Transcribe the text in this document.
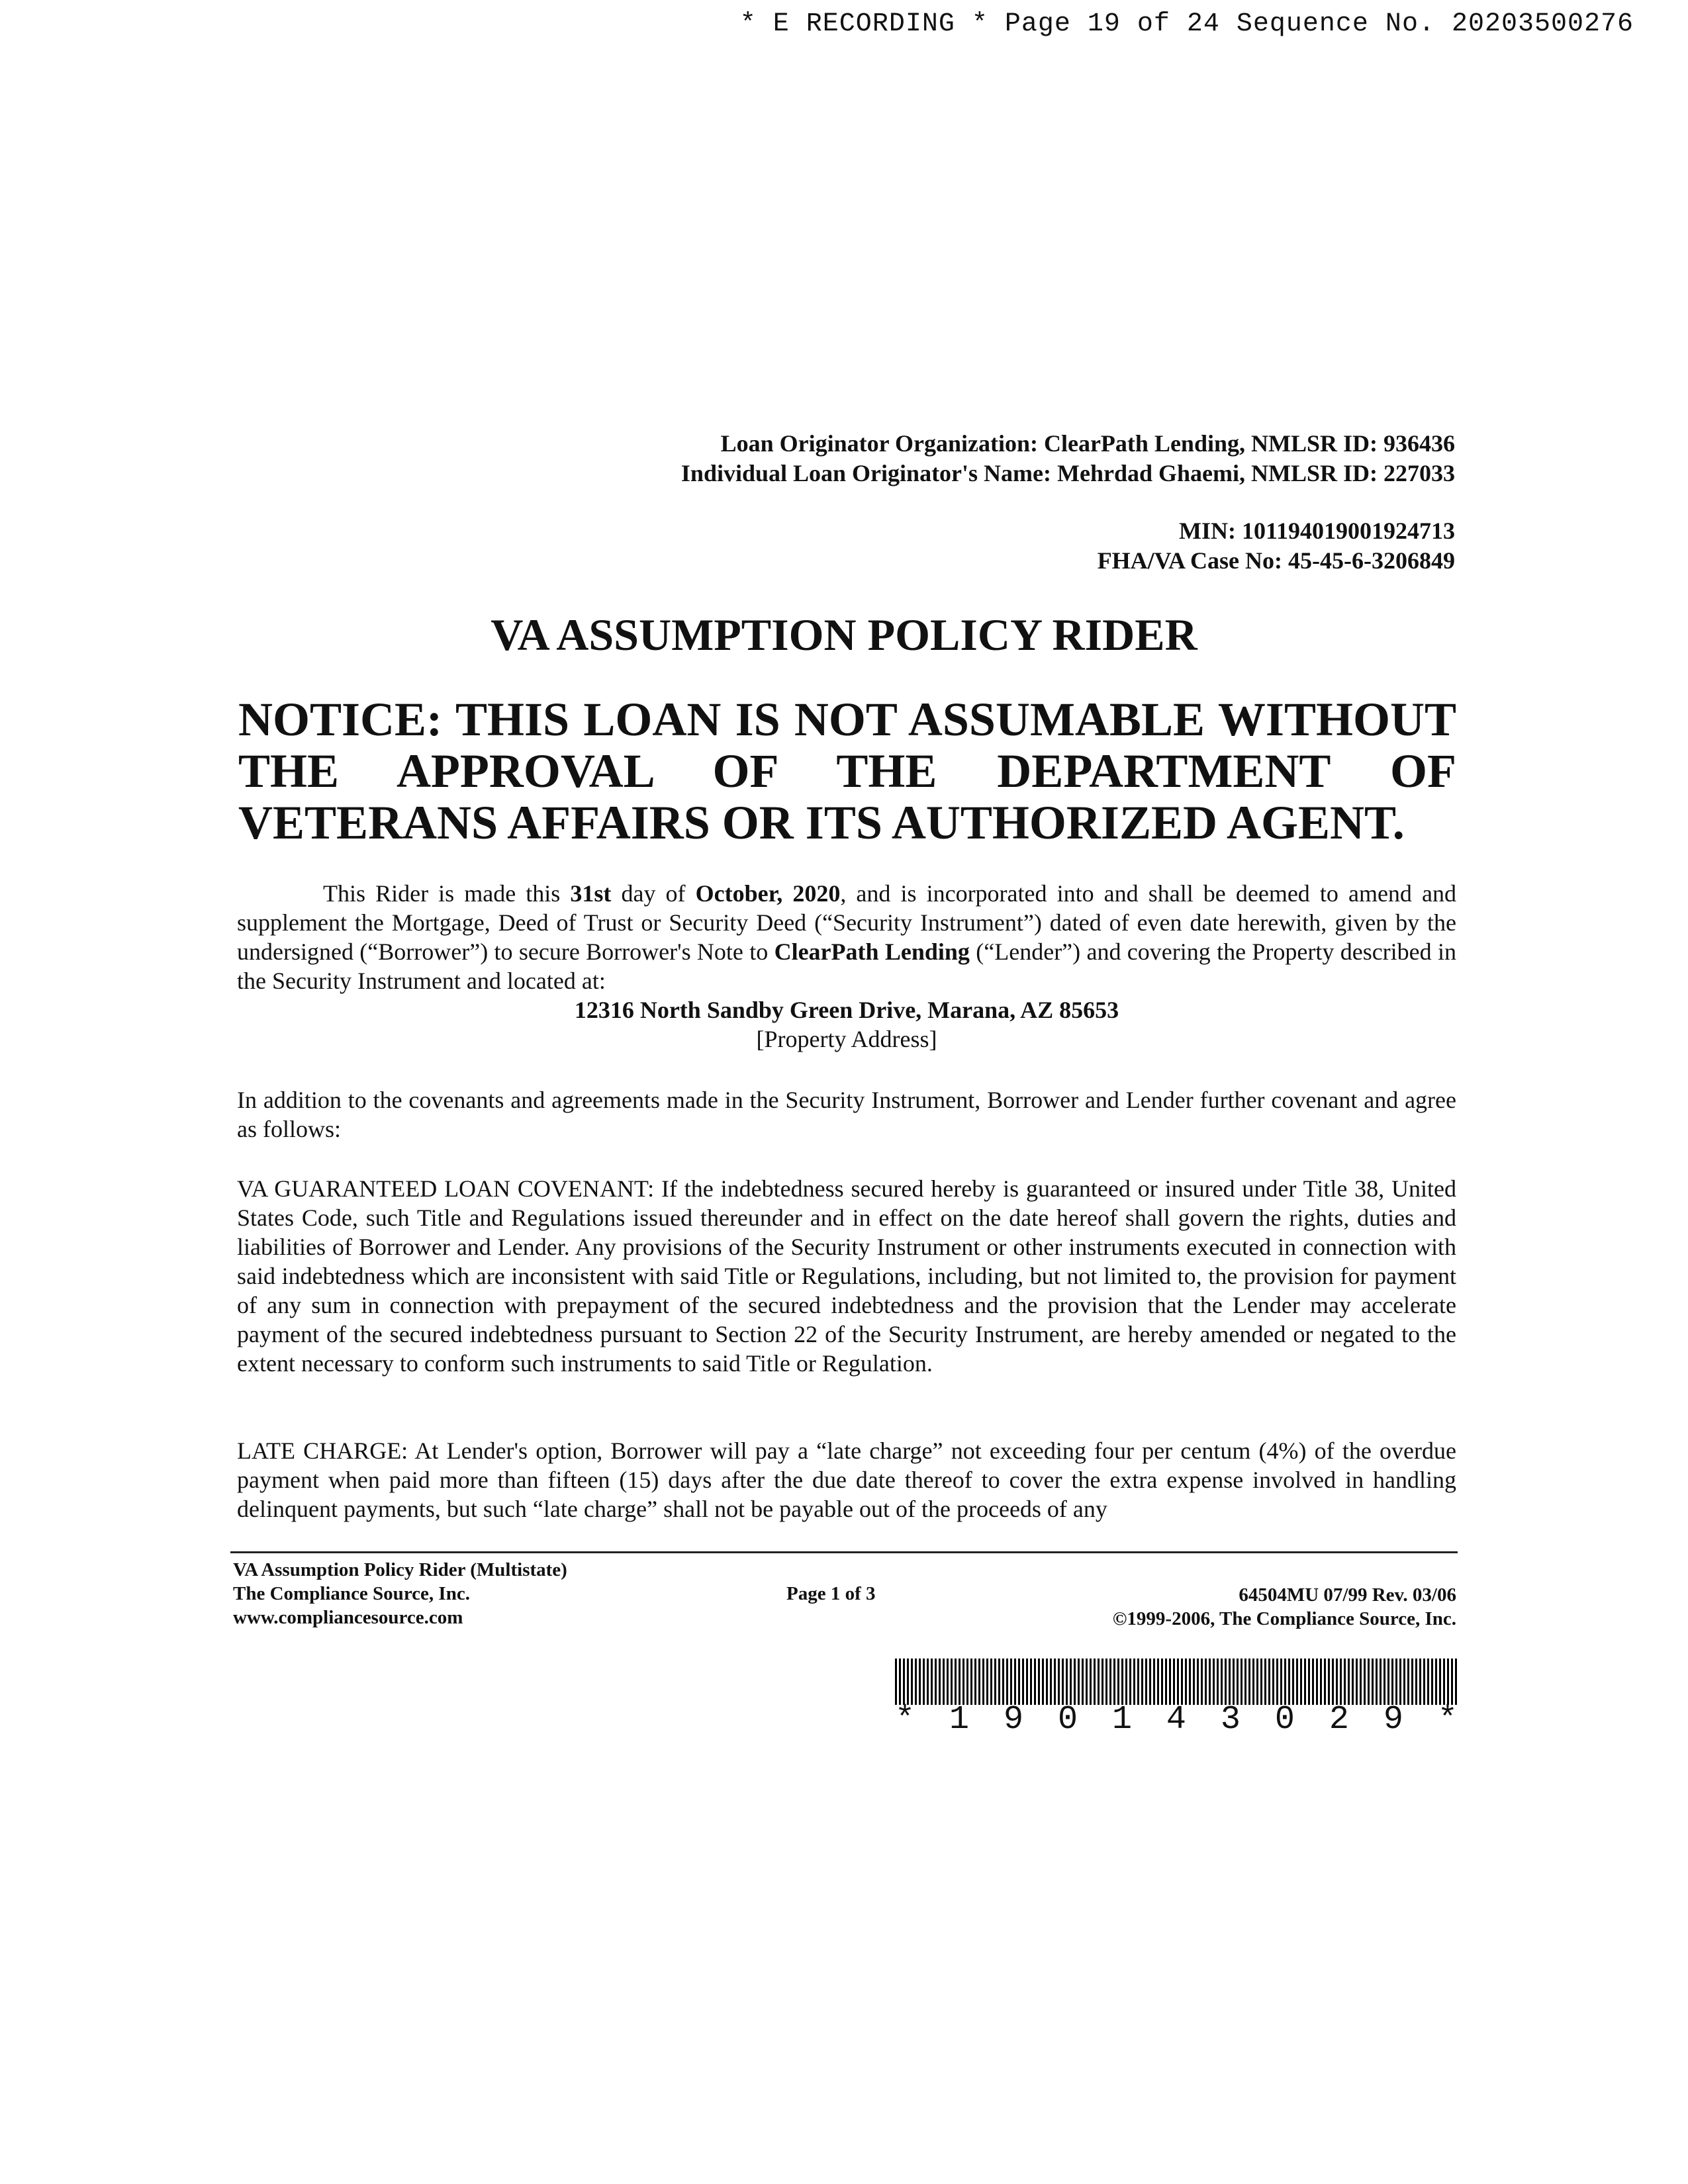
* E RECORDING * Page 19 of 24 Sequence No. 20203500276
Loan Originator Organization: ClearPath Lending, NMLSR ID: 936436
Individual Loan Originator's Name: Mehrdad Ghaemi, NMLSR ID: 227033
MIN: 101194019001924713
FHA/VA Case No: 45-45-6-3206849
VA ASSUMPTION POLICY RIDER
NOTICE: THIS LOAN IS NOT ASSUMABLE WITHOUT THE APPROVAL OF THE DEPARTMENT OF VETERANS AFFAIRS OR ITS AUTHORIZED AGENT.
This Rider is made this 31st day of October, 2020, and is incorporated into and shall be deemed to amend and supplement the Mortgage, Deed of Trust or Security Deed (“Security Instrument”) dated of even date herewith, given by the undersigned (“Borrower”) to secure Borrower's Note to ClearPath Lending (“Lender”) and covering the Property described in the Security Instrument and located at:
12316 North Sandby Green Drive, Marana, AZ 85653
[Property Address]
In addition to the covenants and agreements made in the Security Instrument, Borrower and Lender further covenant and agree as follows:
VA GUARANTEED LOAN COVENANT: If the indebtedness secured hereby is guaranteed or insured under Title 38, United States Code, such Title and Regulations issued thereunder and in effect on the date hereof shall govern the rights, duties and liabilities of Borrower and Lender. Any provisions of the Security Instrument or other instruments executed in connection with said indebtedness which are inconsistent with said Title or Regulations, including, but not limited to, the provision for payment of any sum in connection with prepayment of the secured indebtedness and the provision that the Lender may accelerate payment of the secured indebtedness pursuant to Section 22 of the Security Instrument, are hereby amended or negated to the extent necessary to conform such instruments to said Title or Regulation.
LATE CHARGE: At Lender's option, Borrower will pay a “late charge” not exceeding four per centum (4%) of the overdue payment when paid more than fifteen (15) days after the due date thereof to cover the extra expense involved in handling delinquent payments, but such “late charge” shall not be payable out of the proceeds of any
VA Assumption Policy Rider (Multistate)
The Compliance Source, Inc.
www.compliancesource.com
Page 1 of 3	64504MU 07/99 Rev. 03/06
©1999-2006, The Compliance Source, Inc.
* 1 9 0 1 4 3 0 2 9 *
